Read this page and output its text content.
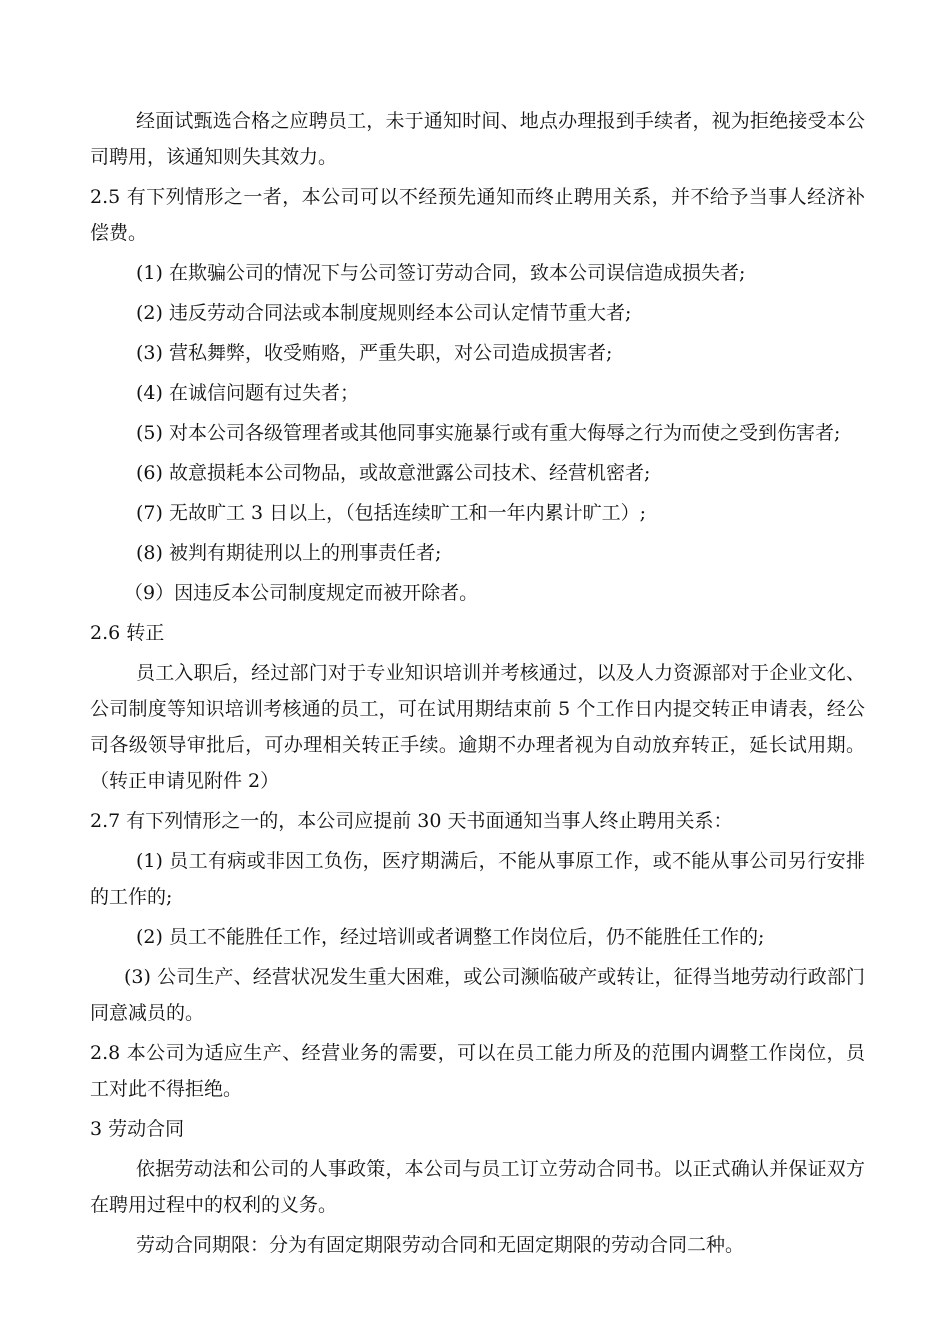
经面试甄选合格之应聘员工，未于通知时间、地点办理报到手续者，视为拒绝接受本公司聘用，该通知则失其效力。

2.5 有下列情形之一者，本公司可以不经预先通知而终止聘用关系，并不给予当事人经济补偿费。

(1) 在欺骗公司的情况下与公司签订劳动合同，致本公司误信造成损失者;

(2) 违反劳动合同法或本制度规则经本公司认定情节重大者;

(3) 营私舞弊，收受贿赂，严重失职，对公司造成损害者;

(4) 在诚信问题有过失者；

(5) 对本公司各级管理者或其他同事实施暴行或有重大侮辱之行为而使之受到伤害者;

(6) 故意损耗本公司物品，或故意泄露公司技术、经营机密者;

(7) 无故旷工 3 日以上，（包括连续旷工和一年内累计旷工）;

(8) 被判有期徒刑以上的刑事责任者;

（9）因违反本公司制度规定而被开除者。

2.6 转正

员工入职后，经过部门对于专业知识培训并考核通过，以及人力资源部对于企业文化、公司制度等知识培训考核通的员工，可在试用期结束前 5 个工作日内提交转正申请表，经公司各级领导审批后，可办理相关转正手续。逾期不办理者视为自动放弃转正，延长试用期。（转正申请见附件 2）

2.7 有下列情形之一的，本公司应提前 30 天书面通知当事人终止聘用关系：

(1) 员工有病或非因工负伤，医疗期满后，不能从事原工作，或不能从事公司另行安排的工作的;

(2) 员工不能胜任工作，经过培训或者调整工作岗位后，仍不能胜任工作的;

(3) 公司生产、经营状况发生重大困难，或公司濒临破产或转让，征得当地劳动行政部门同意减员的。

2.8 本公司为适应生产、经营业务的需要，可以在员工能力所及的范围内调整工作岗位，员工对此不得拒绝。

3 劳动合同

依据劳动法和公司的人事政策，本公司与员工订立劳动合同书。以正式确认并保证双方在聘用过程中的权利的义务。

劳动合同期限：分为有固定期限劳动合同和无固定期限的劳动合同二种。
